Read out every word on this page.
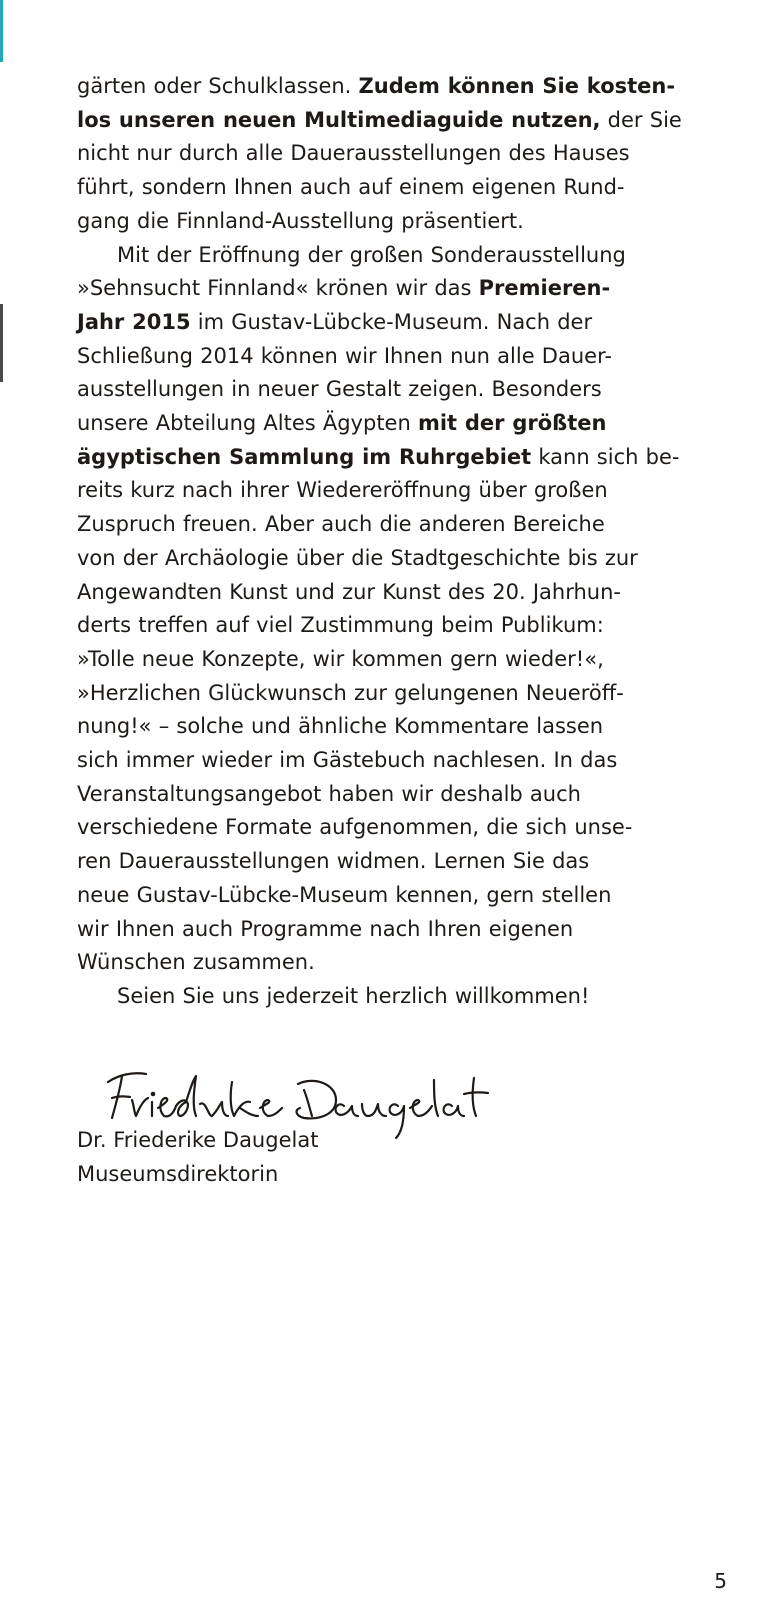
gärten oder Schulklassen. Zudem können Sie kosten-
los unseren neuen Multimediaguide nutzen, der Sie
nicht nur durch alle Dauerausstellungen des Hauses
führt, sondern Ihnen auch auf einem eigenen Rund-
gang die Finnland-Ausstellung präsentiert.

Mit der Eröffnung der großen Sonderausstellung
»Sehnsucht Finnland« krönen wir das Premieren-
Jahr 2015 im Gustav-Lübcke-Museum. Nach der
Schließung 2014 können wir Ihnen nun alle Dauer-
ausstellungen in neuer Gestalt zeigen. Besonders
unsere Abteilung Altes Ägypten mit der größten
ägyptischen Sammlung im Ruhrgebiet kann sich be-
reits kurz nach ihrer Wiedereröffnung über großen
Zuspruch freuen. Aber auch die anderen Bereiche
von der Archäologie über die Stadtgeschichte bis zur
Angewandten Kunst und zur Kunst des 20. Jahrhun-
derts treffen auf viel Zustimmung beim Publikum:
»Tolle neue Konzepte, wir kommen gern wieder!«,
»Herzlichen Glückwunsch zur gelungenen Neueröff-
nung!« – solche und ähnliche Kommentare lassen
sich immer wieder im Gästebuch nachlesen. In das
Veranstaltungsangebot haben wir deshalb auch
verschiedene Formate aufgenommen, die sich unse-
ren Dauerausstellungen widmen. Lernen Sie das
neue Gustav-Lübcke-Museum kennen, gern stellen
wir Ihnen auch Programme nach Ihren eigenen
Wünschen zusammen.

Seien Sie uns jederzeit herzlich willkommen!

Dr. Friederike Daugelat
Museumsdirektorin
5
